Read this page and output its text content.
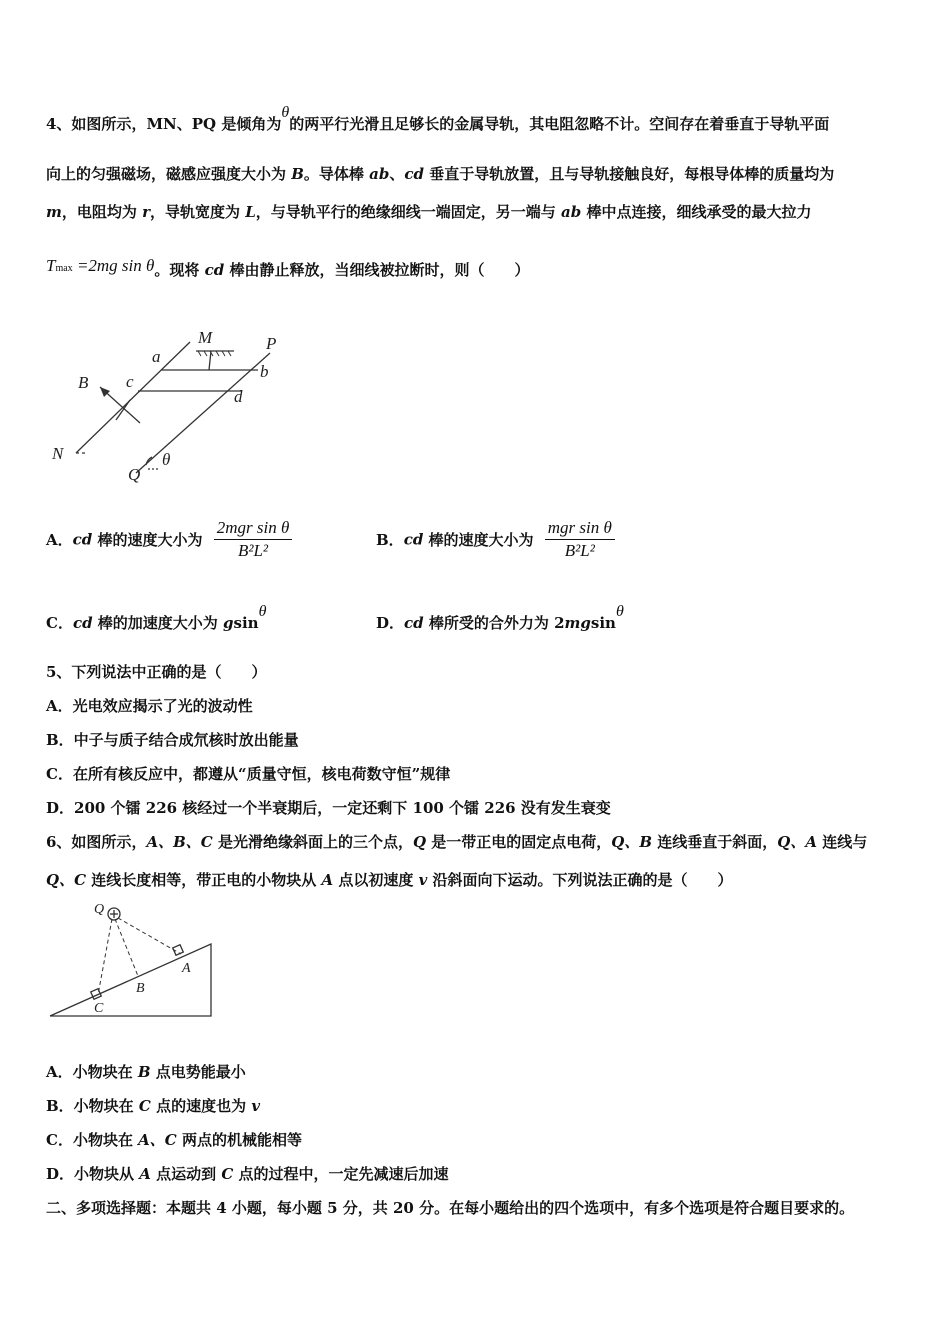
4、如图所示，MN、PQ 是倾角为θ的两平行光滑且足够长的金属导轨，其电阻忽略不计。空间存在着垂直于导轨平面
向上的匀强磁场，磁感应强度大小为 B。导体棒 ab、cd 垂直于导轨放置，且与导轨接触良好，每根导体棒的质量均为
m，电阻均为 r，导轨宽度为 L，与导轨平行的绝缘细线一端固定，另一端与 ab 棒中点连接，细线承受的最大拉力
Tmax =2mg sin θ。现将 cd 棒由静止释放，当细线被拉断时，则（　　）
M	P
a
b
B c
d
N
Q
θ
A．cd 棒的速度大小为 $\frac{\text{2mgr sin θ}}{\text{B²L²}}$	B．cd 棒的速度大小为 $\frac{\text{mgr sin θ}}{\text{B²L²}}$
C．cd 棒的加速度大小为 gsinθ
D．cd 棒所受的合外力为 2mgsinθ
5、下列说法中正确的是（　　）
A．光电效应揭示了光的波动性
B．中子与质子结合成氘核时放出能量
C．在所有核反应中，都遵从“质量守恒，核电荷数守恒”规律
D．200 个镭 226 核经过一个半衰期后，一定还剩下 100 个镭 226 没有发生衰变
6、如图所示，A、B、C 是光滑绝缘斜面上的三个点，Q 是一带正电的固定点电荷，Q、B 连线垂直于斜面，Q、A 连线与
Q、C 连线长度相等，带正电的小物块从 A 点以初速度 v 沿斜面向下运动。下列说法正确的是（　　）
Q
A
B
C
A．小物块在 B 点电势能最小
B．小物块在 C 点的速度也为 v
C．小物块在 A、C 两点的机械能相等
D．小物块从 A 点运动到 C 点的过程中，一定先减速后加速
二、多项选择题：本题共 4 小题，每小题 5 分，共 20 分。在每小题给出的四个选项中，有多个选项是符合题目要求的。
